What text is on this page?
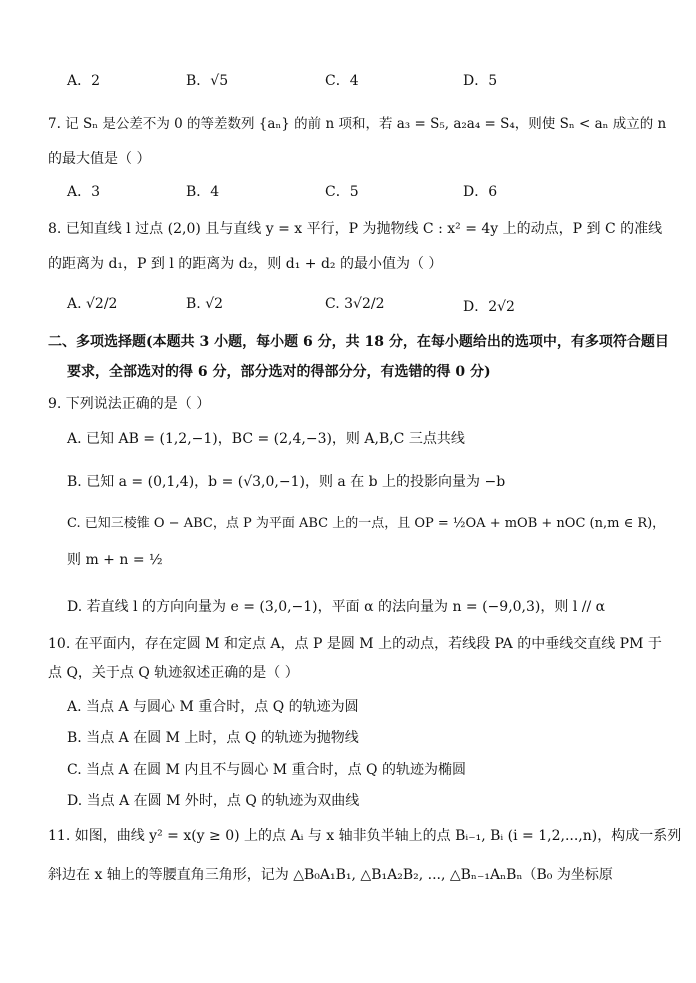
A．2	B．√5	C．4	D．5
7. 记 Sₙ 是公差不为 0 的等差数列 {aₙ} 的前 n 项和，若 a₃ = S₅, a₂a₄ = S₄，则使 Sₙ < aₙ 成立的 n
的最大值是（ ）
A．3	B．4	C．5	D．6
8. 已知直线 l 过点 (2,0) 且与直线 y = x 平行，P 为抛物线 C : x² = 4y 上的动点，P 到 C 的准线
的距离为 d₁，P 到 l 的距离为 d₂，则 d₁ + d₂ 的最小值为（ ）
A. √2/2	B. √2	C. 3√2/2	D．2√2
二、多项选择题(本题共 3 小题，每小题 6 分，共 18 分，在每小题给出的选项中，有多项符合题目
要求，全部选对的得 6 分，部分选对的得部分分，有选错的得 0 分)
9. 下列说法正确的是（ ）
A. 已知 AB = (1,2,−1)，BC = (2,4,−3)，则 A,B,C 三点共线
B. 已知 a = (0,1,4)，b = (√3,0,−1)，则 a 在 b 上的投影向量为 −b
C. 已知三棱锥 O − ABC，点 P 为平面 ABC 上的一点，且 OP = ½OA + mOB + nOC (n,m ∈ R)，
则 m + n = ½
D. 若直线 l 的方向向量为 e = (3,0,−1)，平面 α 的法向量为 n = (−9,0,3)，则 l // α
10. 在平面内，存在定圆 M 和定点 A，点 P 是圆 M 上的动点，若线段 PA 的中垂线交直线 PM 于
点 Q，关于点 Q 轨迹叙述正确的是（ ）
A. 当点 A 与圆心 M 重合时，点 Q 的轨迹为圆
B. 当点 A 在圆 M 上时，点 Q 的轨迹为抛物线
C. 当点 A 在圆 M 内且不与圆心 M 重合时，点 Q 的轨迹为椭圆
D. 当点 A 在圆 M 外时，点 Q 的轨迹为双曲线
11. 如图，曲线 y² = x(y ≥ 0) 上的点 Aᵢ 与 x 轴非负半轴上的点 Bᵢ₋₁, Bᵢ (i = 1,2,...,n)，构成一系列
斜边在 x 轴上的等腰直角三角形，记为 △B₀A₁B₁, △B₁A₂B₂, ..., △Bₙ₋₁AₙBₙ（B₀ 为坐标原
